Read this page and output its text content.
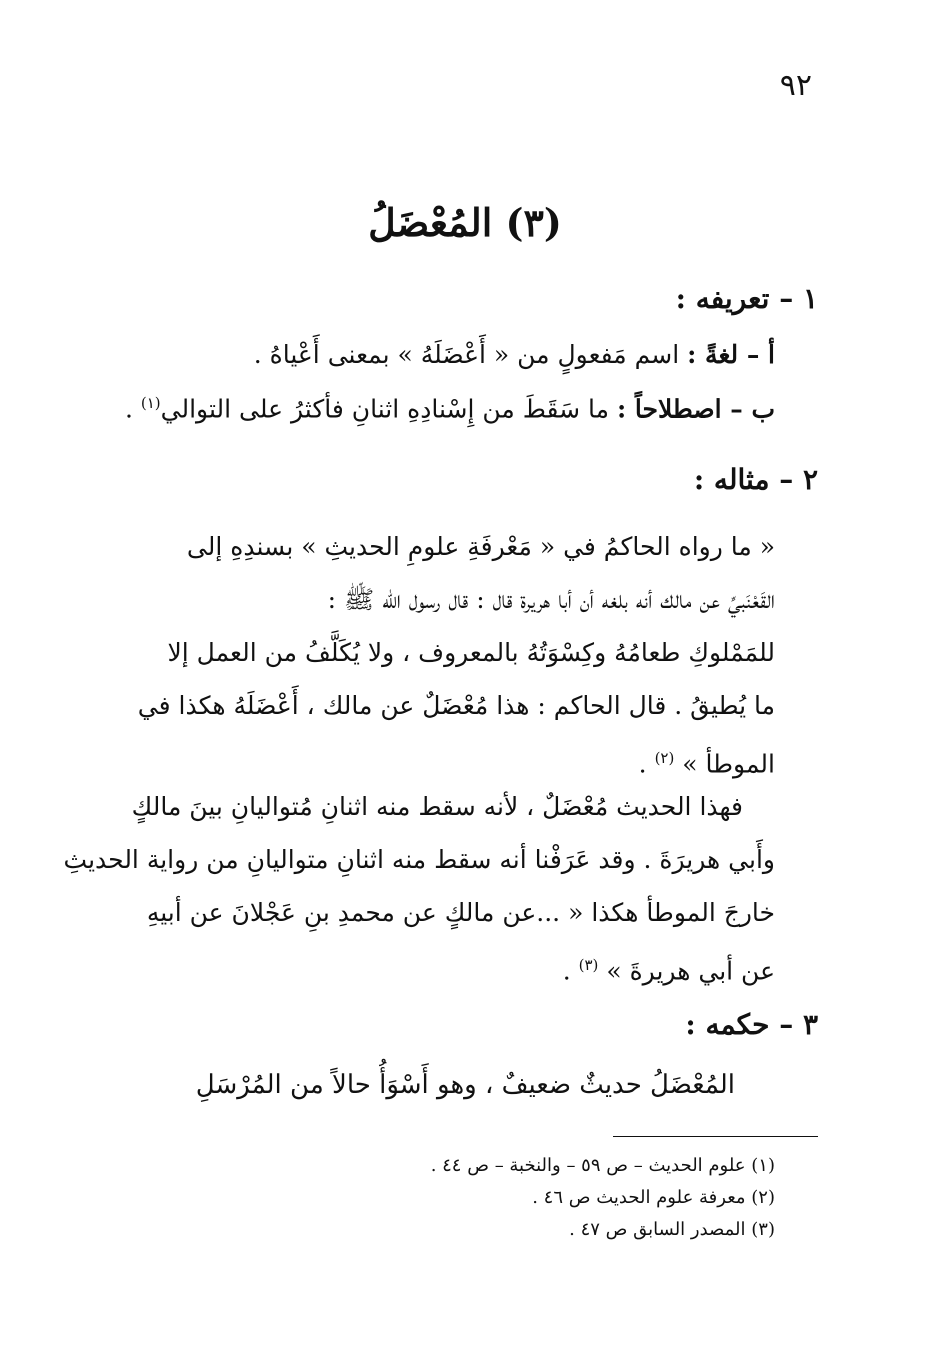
٩٢
(٣) المُعْضَلُ
١ – تعريفه :
أ – لغةً : اسم مَفعولٍ من « أَعْضَلَهُ » بمعنى أَعْياهُ .
ب – اصطلاحاً : ما سَقَطَ من إِسْنادِهِ اثنانِ فأكثرُ على التوالي$^{(١)}$ .
٢ – مثاله :
« ما رواه الحاكمُ في « مَعْرفَةِ علومِ الحديثِ » بسندِهِ إلى
القَعْنَبيِّ عن مالك أنه بلغه أن أبا هريرة قال : قال رسول الله ﷺ :
للمَمْلوكِ طعامُهُ وكِسْوَتُهُ بالمعروف ، ولا يُكَلَّفُ من العمل إلا
ما يُطيقُ . قال الحاكم : هذا مُعْضَلٌ عن مالك ، أَعْضَلَهُ هكذا في
الموطأ » $^{(٢)}$ .
فهذا الحديث مُعْضَلٌ ، لأنه سقط منه اثنانِ مُتواليانِ بينَ مالكٍ
وأَبي هريرَةَ . وقد عَرَفْنا أنه سقط منه اثنانِ متواليانِ من رواية الحديثِ
خارجَ الموطأ هكذا « ...عن مالكٍ عن محمدِ بنِ عَجْلانَ عن أبيهِ
عن أبي هريرةَ » $^{(٣)}$ .
٣ – حكمه :
المُعْضَلُ حديثٌ ضعيفٌ ، وهو أَسْوَأُ حالاً من المُرْسَلِ
(١) علوم الحديث – ص ٥٩ – والنخبة – ص ٤٤ .
(٢) معرفة علوم الحديث ص ٤٦ .
(٣) المصدر السابق ص ٤٧ .
